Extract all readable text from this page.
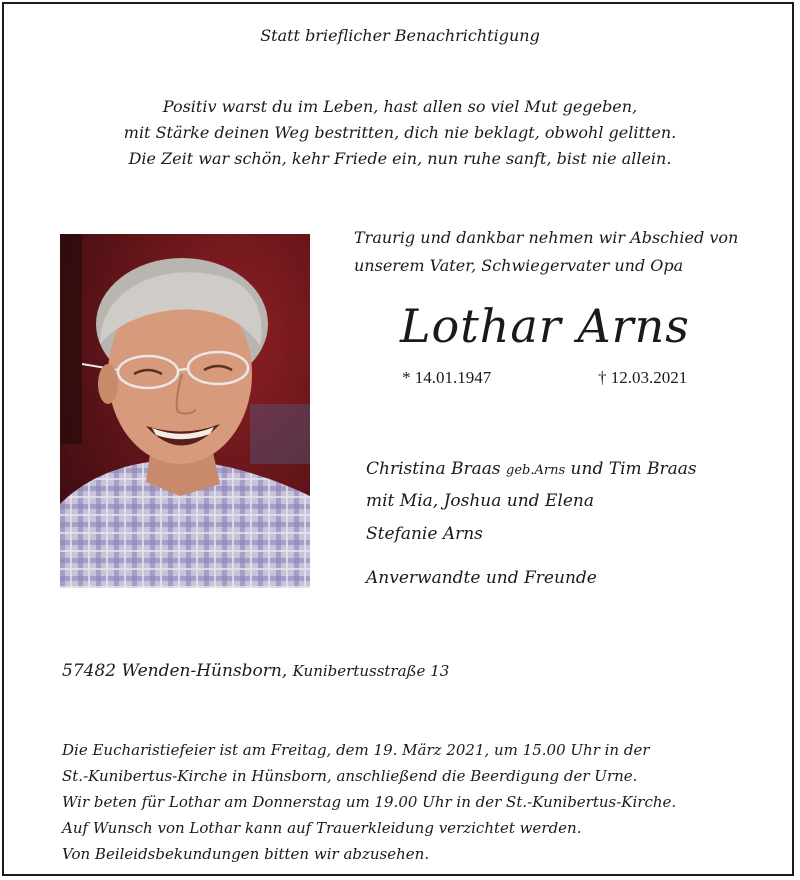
Statt brieflicher Benachrichtigung
Positiv warst du im Leben, hast allen so viel Mut gegeben,
mit Stärke deinen Weg bestritten, dich nie beklagt, obwohl gelitten.
Die Zeit war schön, kehr Friede ein, nun ruhe sanft, bist nie allein.
Traurig und dankbar nehmen wir Abschied von
unserem Vater, Schwiegervater und Opa
Lothar Arns
* 14.01.1947	† 12.03.2021
Christina Braas geb.Arns und Tim Braas
mit Mia, Joshua und Elena
Stefanie Arns
Anverwandte und Freunde
57482 Wenden-Hünsborn, Kunibertusstraße 13
Die Eucharistiefeier ist am Freitag, dem 19. März 2021, um 15.00 Uhr in der
St.-Kunibertus-Kirche in Hünsborn, anschließend die Beerdigung der Urne.
Wir beten für Lothar am Donnerstag um 19.00 Uhr in der St.-Kunibertus-Kirche.
Auf Wunsch von Lothar kann auf Trauerkleidung verzichtet werden.
Von Beileidsbekundungen bitten wir abzusehen.
